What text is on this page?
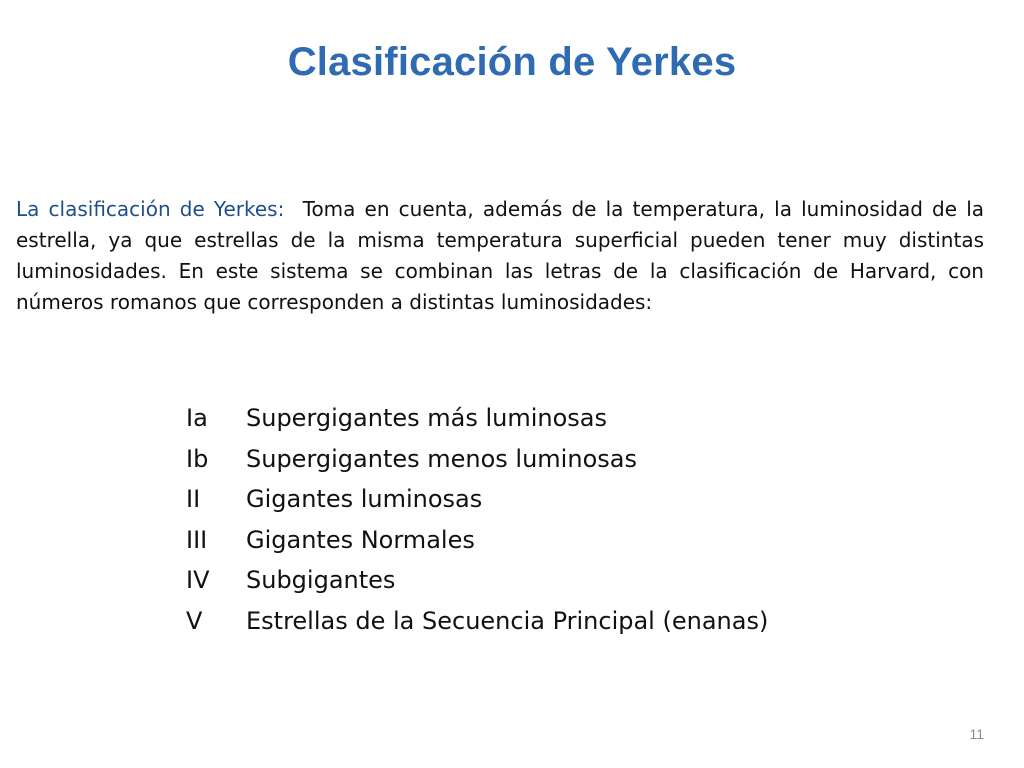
Clasificación de Yerkes

La clasificación de Yerkes: Toma en cuenta, además de la temperatura, la luminosidad de la estrella, ya que estrellas de la misma temperatura superficial pueden tener muy distintas luminosidades. En este sistema se combinan las letras de la clasificación de Harvard, con números romanos que corresponden a distintas luminosidades:

Ia	Supergigantes más luminosas
Ib	Supergigantes menos luminosas
II	Gigantes luminosas
III	Gigantes Normales
IV	Subgigantes
V	Estrellas de la Secuencia Principal (enanas)
11
